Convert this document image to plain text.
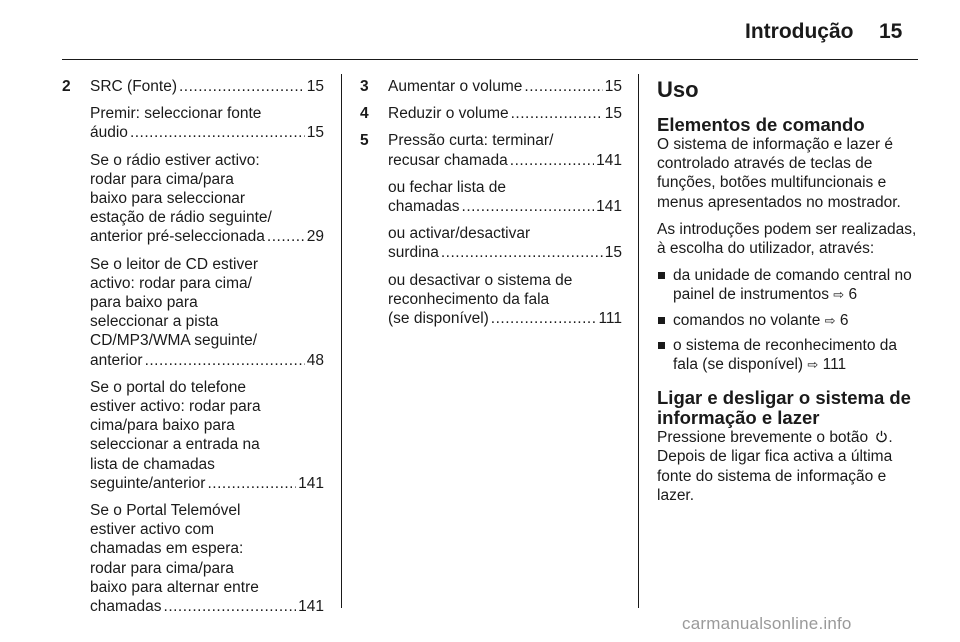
Introdução 15
2 SRC (Fonte) .....	15
Premir: seleccionar fonte
áudio .....	15
Se o rádio estiver activo:
rodar para cima/para
baixo para seleccionar
estação de rádio seguinte/
anterior pré-seleccionada .....	29
Se o leitor de CD estiver
activo: rodar para cima/
para baixo para
seleccionar a pista
CD/MP3/WMA seguinte/
anterior .....	48
Se o portal do telefone
estiver activo: rodar para
cima/para baixo para
seleccionar a entrada na
lista de chamadas
seguinte/anterior .....	141
Se o Portal Telemóvel
estiver activo com
chamadas em espera:
rodar para cima/para
baixo para alternar entre
chamadas .....	141
3 Aumentar o volume .....	15
4 Reduzir o volume .....	15
5 Pressão curta: terminar/
recusar chamada .....	141
ou fechar lista de
chamadas .....	141
ou activar/desactivar
surdina .....	15
ou desactivar o sistema de
reconhecimento da fala
(se disponível) .....	111
Uso
Elementos de comando

O sistema de informação e lazer é controlado através de teclas de funções, botões multifuncionais e menus apresentados no mostrador.

As introduções podem ser realizadas, à escolha do utilizador, através:

da unidade de comando central no painel de instrumentos ⇨ 6
comandos no volante ⇨ 6
o sistema de reconhecimento da fala (se disponível) ⇨ 111
Ligar e desligar o sistema de informação e lazer

Pressione brevemente o botão . Depois de ligar fica activa a última fonte do sistema de informação e lazer.

carmanualsonline.info
